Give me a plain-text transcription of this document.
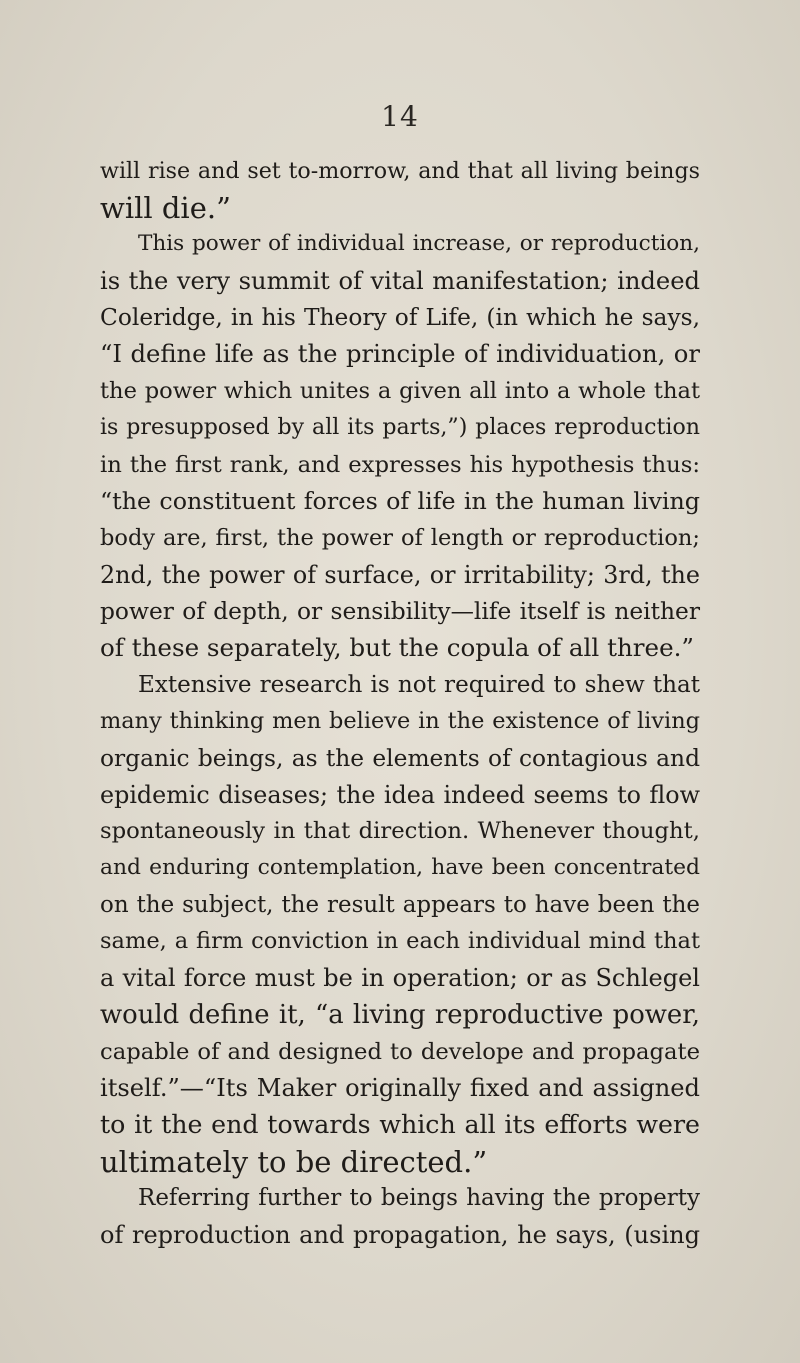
14
will rise and set to-morrow, and that all living beings
will die.”
This power of individual increase, or reproduction,
is the very summit of vital manifestation; indeed
Coleridge, in his Theory of Life, (in which he says,
“I define life as the principle of individuation, or
the power which unites a given all into a whole that
is presupposed by all its parts,”) places reproduction
in the first rank, and expresses his hypothesis thus:
“the constituent forces of life in the human living
body are, first, the power of length or reproduction;
2nd, the power of surface, or irritability; 3rd, the
power of depth, or sensibility—life itself is neither
of these separately, but the copula of all three.”
Extensive research is not required to shew that
many thinking men believe in the existence of living
organic beings, as the elements of contagious and
epidemic diseases; the idea indeed seems to flow
spontaneously in that direction. Whenever thought,
and enduring contemplation, have been concentrated
on the subject, the result appears to have been the
same, a firm conviction in each individual mind that
a vital force must be in operation; or as Schlegel
would define it, “a living reproductive power,
capable of and designed to develope and propagate
itself.”—“Its Maker originally fixed and assigned
to it the end towards which all its efforts were
ultimately to be directed.”
Referring further to beings having the property
of reproduction and propagation, he says, (using
